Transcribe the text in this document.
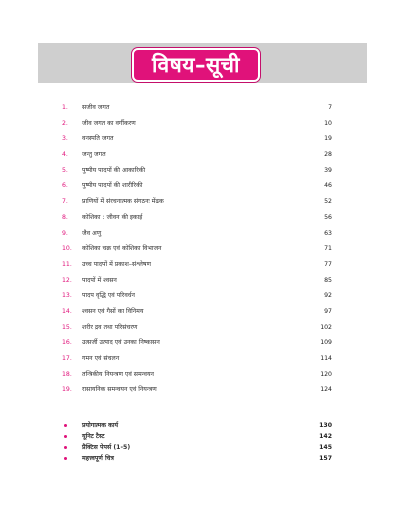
विषय–सूची
1.	सजीव जगत	7
2.	जीव जगत का वर्गीकरण	10
3.	वनस्पति जगत	19
4.	जन्तु जगत	28
5.	पुष्पीय पादपों की आकारिकी	39
6.	पुष्पीय पादपों की शारीरिकी	46
7.	प्राणियों में संरचनात्मक संगठनः मेंढक	52
8.	कोशिका : जीवन की इकाई	56
9.	जैव अणु	63
10.	कोशिका चक्र एवं कोशिका विभाजन	71
11.	उच्च पादपों में प्रकाश–संश्लेषण	77
12.	पादपों में श्वसन	85
13.	पादप वृद्धि एवं परिवर्धन	92
14.	श्वसन एवं गैसों का विनिमय	97
15.	शरीर द्रव तथा परिसंचरण	102
16.	उत्सर्जी उत्पाद एवं उनका निष्कासन	109
17.	गमन एवं संचलन	114
18.	तन्त्रिकीय नियन्त्रण एवं समन्वयन	120
19.	रासायनिक समन्वयन एवं नियन्त्रण	124
प्रयोगात्मक कार्य	130
यूनिट टैस्ट	142
प्रैक्टिस पेपर्स (1-5)	145
महत्त्वपूर्ण चित्र	157
